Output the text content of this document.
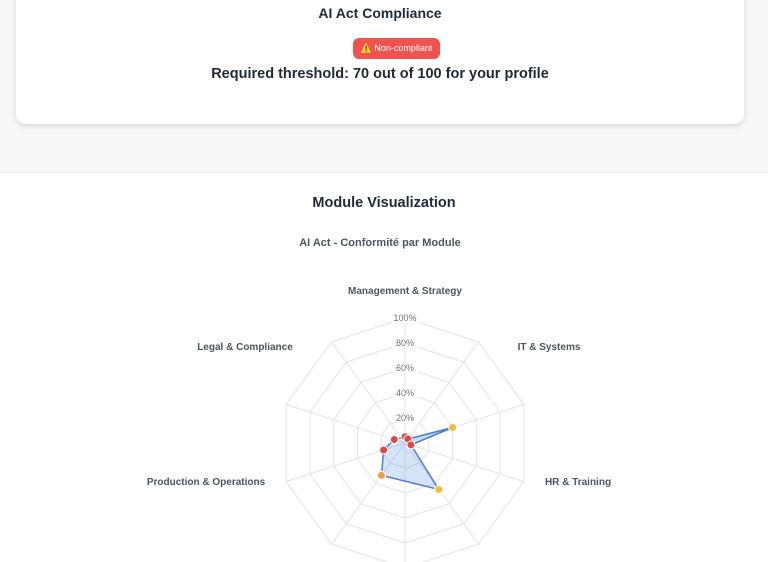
AI Act Compliance
⚠️ Non-compliant
Required threshold: 70 out of 100 for your profile
Module Visualization
AI Act - Conformité par Module
20%
40%
60%
80%
100%
Management & Strategy
IT & Systems
HR & Training
Production & Operations
Legal & Compliance
